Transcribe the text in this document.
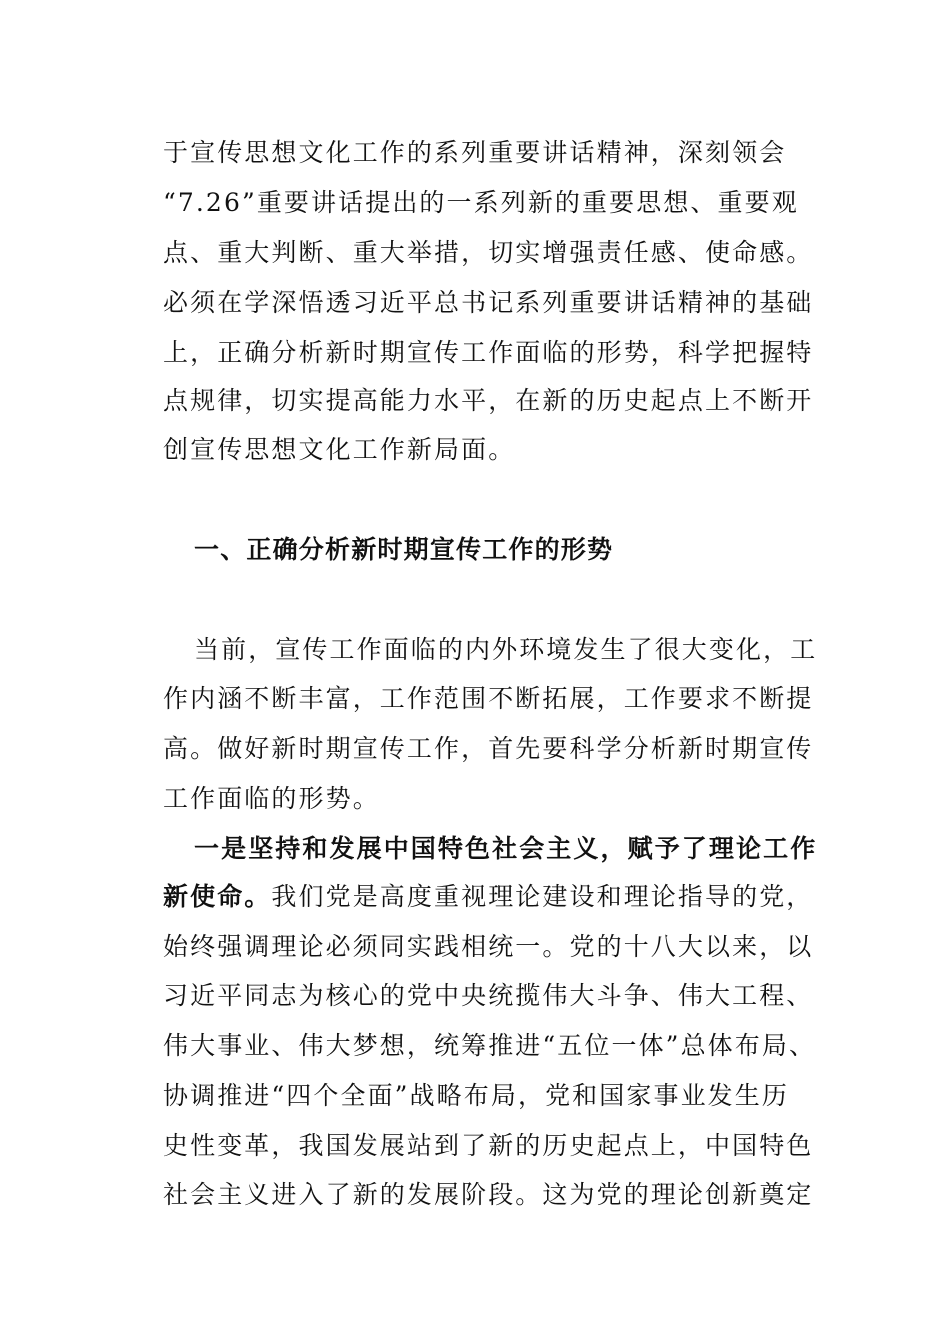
于宣传思想文化工作的系列重要讲话精神，深刻领会
“7.26”重要讲话提出的一系列新的重要思想、重要观
点、重大判断、重大举措，切实增强责任感、使命感。
必须在学深悟透习近平总书记系列重要讲话精神的基础
上，正确分析新时期宣传工作面临的形势，科学把握特
点规律，切实提高能力水平，在新的历史起点上不断开
创宣传思想文化工作新局面。
一、正确分析新时期宣传工作的形势
当前，宣传工作面临的内外环境发生了很大变化，工
作内涵不断丰富，工作范围不断拓展，工作要求不断提
高。做好新时期宣传工作，首先要科学分析新时期宣传
工作面临的形势。
一是坚持和发展中国特色社会主义，赋予了理论工作
新使命。我们党是高度重视理论建设和理论指导的党，
始终强调理论必须同实践相统一。党的十八大以来，以
习近平同志为核心的党中央统揽伟大斗争、伟大工程、
伟大事业、伟大梦想，统筹推进“五位一体”总体布局、
协调推进“四个全面”战略布局，党和国家事业发生历
史性变革，我国发展站到了新的历史起点上，中国特色
社会主义进入了新的发展阶段。这为党的理论创新奠定
